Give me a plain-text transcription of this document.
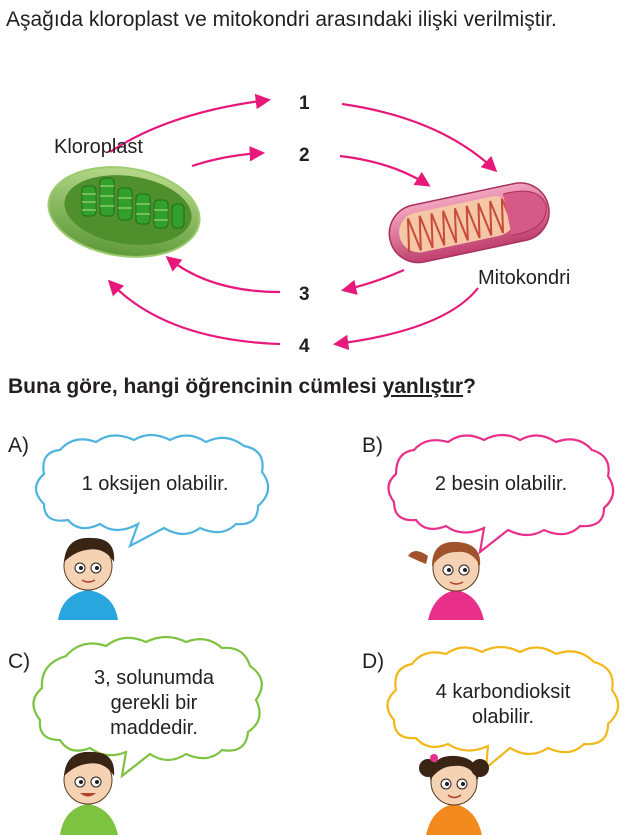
Aşağıda kloroplast ve mitokondri arasındaki ilişki verilmiştir.

Kloroplast
Mitokondri
1
2
3
4

Buna göre, hangi öğrencinin cümlesi yanlıştır?

A)
1 oksijen olabilir.
B)
2 besin olabilir.
C)
3, solunumda
gerekli bir
maddedir.
D)
4 karbondioksit
olabilir.
